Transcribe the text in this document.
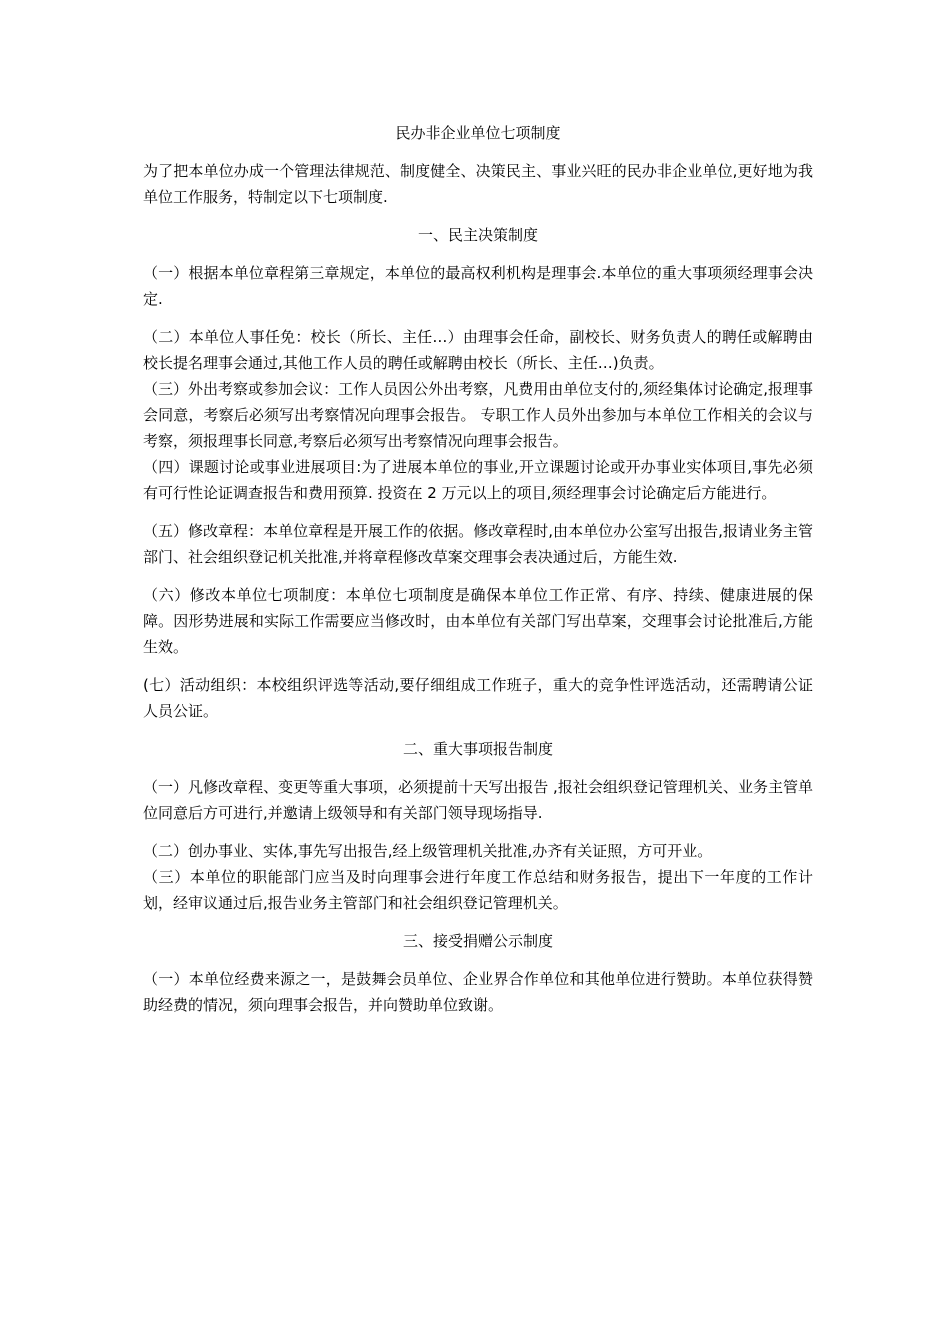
民办非企业单位七项制度
为了把本单位办成一个管理法律规范、制度健全、决策民主、事业兴旺的民办非企业单位,更好地为我单位工作服务，特制定以下七项制度.
一、民主决策制度
（一）根据本单位章程第三章规定，本单位的最高权利机构是理事会.本单位的重大事项须经理事会决定.
（二）本单位人事任免：校长（所长、主任…）由理事会任命，副校长、财务负责人的聘任或解聘由校长提名理事会通过,其他工作人员的聘任或解聘由校长（所长、主任…)负责。
（三）外出考察或参加会议：工作人员因公外出考察，凡费用由单位支付的,须经集体讨论确定,报理事会同意，考察后必须写出考察情况向理事会报告。 专职工作人员外出参加与本单位工作相关的会议与考察，须报理事长同意,考察后必须写出考察情况向理事会报告。
（四）课题讨论或事业进展项目:为了进展本单位的事业,开立课题讨论或开办事业实体项目,事先必须有可行性论证调查报告和费用预算. 投资在 2 万元以上的项目,须经理事会讨论确定后方能进行。
（五）修改章程：本单位章程是开展工作的依据。修改章程时,由本单位办公室写出报告,报请业务主管部门、社会组织登记机关批准,并将章程修改草案交理事会表决通过后，方能生效.
（六）修改本单位七项制度：本单位七项制度是确保本单位工作正常、有序、持续、健康进展的保障。因形势进展和实际工作需要应当修改时，由本单位有关部门写出草案，交理事会讨论批准后,方能生效。
(七）活动组织：本校组织评选等活动,要仔细组成工作班子，重大的竞争性评选活动，还需聘请公证人员公证。
二、重大事项报告制度
（一）凡修改章程、变更等重大事项，必须提前十天写出报告 ,报社会组织登记管理机关、业务主管单位同意后方可进行,并邀请上级领导和有关部门领导现场指导.
（二）创办事业、实体,事先写出报告,经上级管理机关批准,办齐有关证照，方可开业。
（三）本单位的职能部门应当及时向理事会进行年度工作总结和财务报告，提出下一年度的工作计划，经审议通过后,报告业务主管部门和社会组织登记管理机关。
三、接受捐赠公示制度
（一）本单位经费来源之一，是鼓舞会员单位、企业界合作单位和其他单位进行赞助。本单位获得赞助经费的情况，须向理事会报告，并向赞助单位致谢。
